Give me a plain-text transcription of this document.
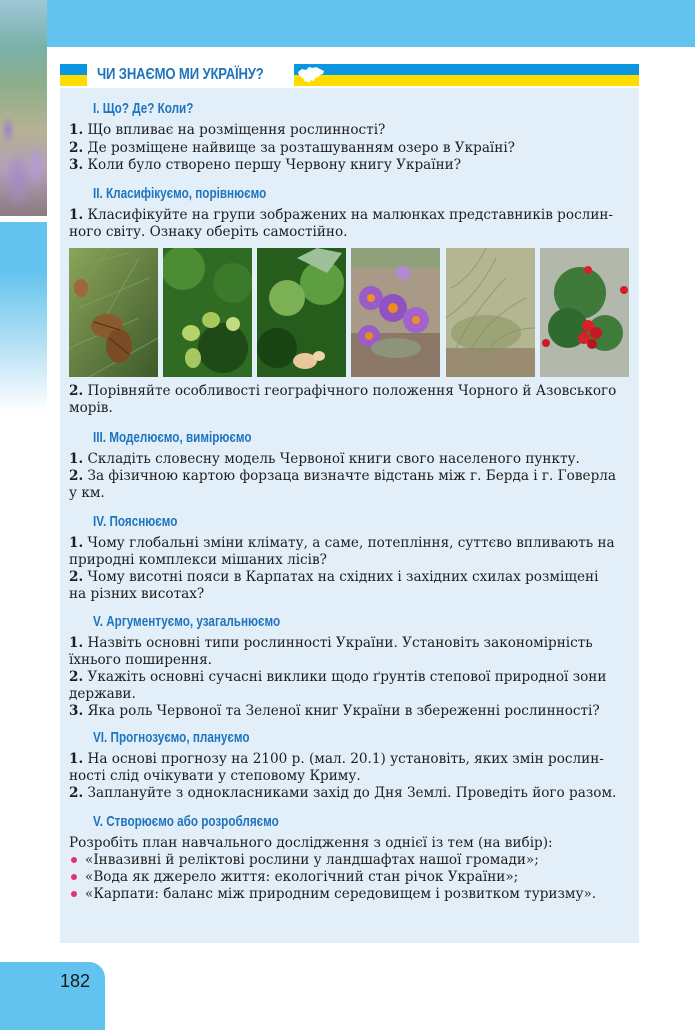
ЧИ ЗНАЄМО МИ УКРАЇНУ?
I. Що? Де? Коли?
1. Що впливає на розміщення рослинності?
2. Де розміщене найвище за розташуванням озеро в Україні?
3. Коли було створено першу Червону книгу України?
II. Класифікуємо, порівнюємо
1. Класифікуйте на групи зображених на малюнках представників рослин-
ного світу. Ознаку оберіть самостійно.
2. Порівняйте особливості географічного положення Чорного й Азовського
морів.
III. Моделюємо, вимірюємо
1. Складіть словесну модель Червоної книги свого населеного пункту.
2. За фізичною картою форзаца визначте відстань між г. Берда і г. Говерла
у км.
IV. Пояснюємо
1. Чому глобальні зміни клімату, а саме, потепління, суттєво впливають на
природні комплекси мішаних лісів?
2. Чому висотні пояси в Карпатах на східних і західних схилах розміщені
на різних висотах?
V. Аргументуємо, узагальнюємо
1. Назвіть основні типи рослинності України. Установіть закономірність
їхнього поширення.
2. Укажіть основні сучасні виклики щодо ґрунтів степової природної зони
держави.
3. Яка роль Червоної та Зеленої книг України в збереженні рослинності?
VI. Прогнозуємо, плануємо
1. На основі прогнозу на 2100 р. (мал. 20.1) установіть, яких змін рослин-
ності слід очікувати у степовому Криму.
2. Заплануйте з однокласниками захід до Дня Землі. Проведіть його разом.
V. Створюємо або розробляємо
Розробіть план навчального дослідження з однієї із тем (на вибір):
«Інвазивні й реліктові рослини у ландшафтах нашої громади»;
«Вода як джерело життя: екологічний стан річок України»;
«Карпати: баланс між природним середовищем і розвитком туризму».
182
